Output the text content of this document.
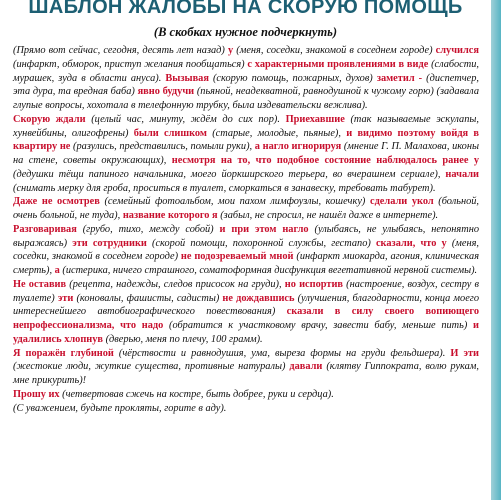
ШАБЛОН ЖАЛОБЫ НА СКОРУЮ ПОМОЩЬ
(В скобках нужное подчеркнуть)

(Прямо вот сейчас, сегодня, десять лет назад) у (меня, соседки, знакомой в соседнем городе) случился (инфаркт, обморок, приступ желания пообщаться) с характерными проявлениями в виде (слабости, мурашек, зуда в области ануса). Вызывая (скорую помощь, пожарных, духов) заметил - (диспетчер, эта дура, та вредная баба) явно будучи (пьяной, неадекватной, равнодушной к чужому горю) (задавала глупые вопросы, хохотала в телефонную трубку, была издевательски вежлива).

Скорую ждали (целый час, минуту, ждём до сих пор). Приехавшие (так называемые эскулапы, хунвейбины, олигофрены) были слишком (старые, молодые, пьяные), и видимо поэтому войдя в квартиру не (разулись, представились, помыли руки), а нагло игнорируя (мнение Г. П. Малахова, иконы на стене, советы окружающих), несмотря на то, что подобное состояние наблюдалось ранее у (дедушки тёщи папиного начальника, моего йоркширского терьера, во вчерашнем сериале), начали (снимать мерку для гроба, проситься в туалет, сморкаться в занавеску, требовать табурет).

Даже не осмотрев (семейный фотоальбом, мои пахом лимфоузлы, кошечку) сделали укол (больной, очень больной, не туда), название которого я (забыл, не спросил, не нашёл даже в интернете).

Разговаривая (грубо, тихо, между собой) и при этом нагло (улыбаясь, не улыбаясь, непонятно выражаясь) эти сотрудники (скорой помощи, похоронной службы, гестапо) сказали, что у (меня, соседки, знакомой в соседнем городе) не подозреваемый мной (инфаркт миокарда, агония, клиническая смерть), а (истерика, ничего страшного, соматоформная дисфункция вегетативной нервной системы).

Не оставив (рецепта, надежды, следов присосок на груди), но испортив (настроение, воздух, сестру в туалете) эти (коновалы, фашисты, садисты) не дождавшись (улучшения, благодарности, конца моего интереснейшего автобиографического повествования) сказали в силу своего вопиющего непрофессионализма, что надо (обратится к участковому врачу, завести бабу, меньше пить) и удалились хлопнув (дверью, меня по плечу, 100 грамм).

Я поражён глубиной (чёрствости и равнодушия, ума, выреза формы на груди фельдшера). И эти (жестокие люди, жуткие существа, противные натуралы) давали (клятву Гиппократа, волю рукам, мне прикурить)!

Прошу их (четвертовав сжечь на костре, быть добрее, руки и сердца).

(С уважением, будьте прокляты, горите в аду).
